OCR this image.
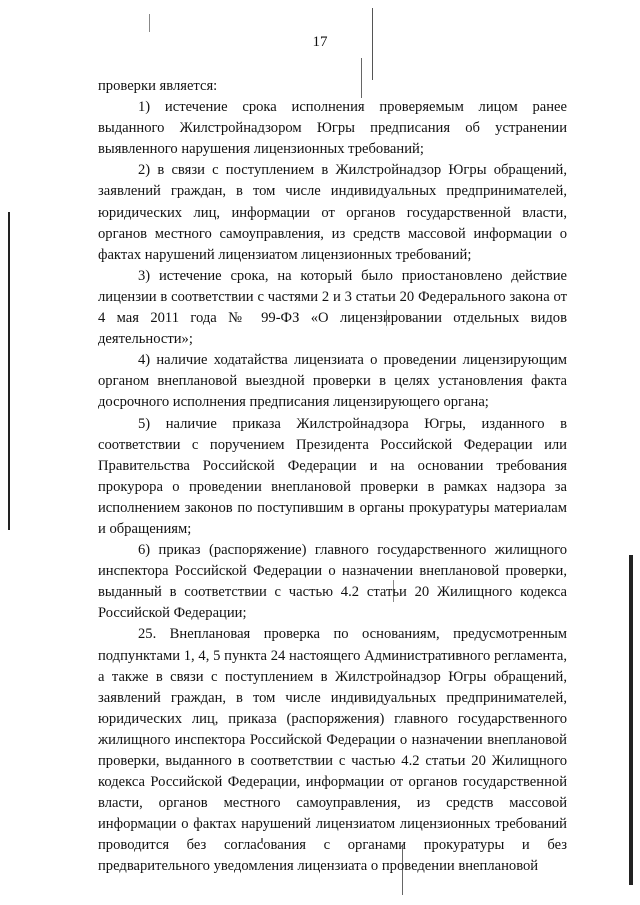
17

проверки является:

1) истечение срока исполнения проверяемым лицом ранее выданного Жилстройнадзором Югры предписания об устранении выявленного нарушения лицензионных требований;

2) в связи с поступлением в Жилстройнадзор Югры обращений, заявлений граждан, в том числе индивидуальных предпринимателей, юридических лиц, информации от органов государственной власти, органов местного самоуправления, из средств массовой информации о фактах нарушений лицензиатом лицензионных требований;

3) истечение срока, на который было приостановлено действие лицензии в соответствии с частями 2 и 3 статьи 20 Федерального закона от 4 мая 2011 года № 99-ФЗ «О лицензировании отдельных видов деятельности»;

4) наличие ходатайства лицензиата о проведении лицензирующим органом внеплановой выездной проверки в целях установления факта досрочного исполнения предписания лицензирующего органа;

5) наличие приказа Жилстройнадзора Югры, изданного в соответствии с поручением Президента Российской Федерации или Правительства Российской Федерации и на основании требования прокурора о проведении внеплановой проверки в рамках надзора за исполнением законов по поступившим в органы прокуратуры материалам и обращениям;

6) приказ (распоряжение) главного государственного жилищного инспектора Российской Федерации о назначении внеплановой проверки, выданный в соответствии с частью 4.2 статьи 20 Жилищного кодекса Российской Федерации;

25. Внеплановая проверка по основаниям, предусмотренным подпунктами 1, 4, 5 пункта 24 настоящего Административного регламента, а также в связи с поступлением в Жилстройнадзор Югры обращений, заявлений граждан, в том числе индивидуальных предпринимателей, юридических лиц, приказа (распоряжения) главного государственного жилищного инспектора Российской Федерации о назначении внеплановой проверки, выданного в соответствии с частью 4.2 статьи 20 Жилищного кодекса Российской Федерации, информации от органов государственной власти, органов местного самоуправления, из средств массовой информации о фактах нарушений лицензиатом лицензионных требований проводится без согласования с органами прокуратуры и без предварительного уведомления лицензиата о проведении внеплановой
